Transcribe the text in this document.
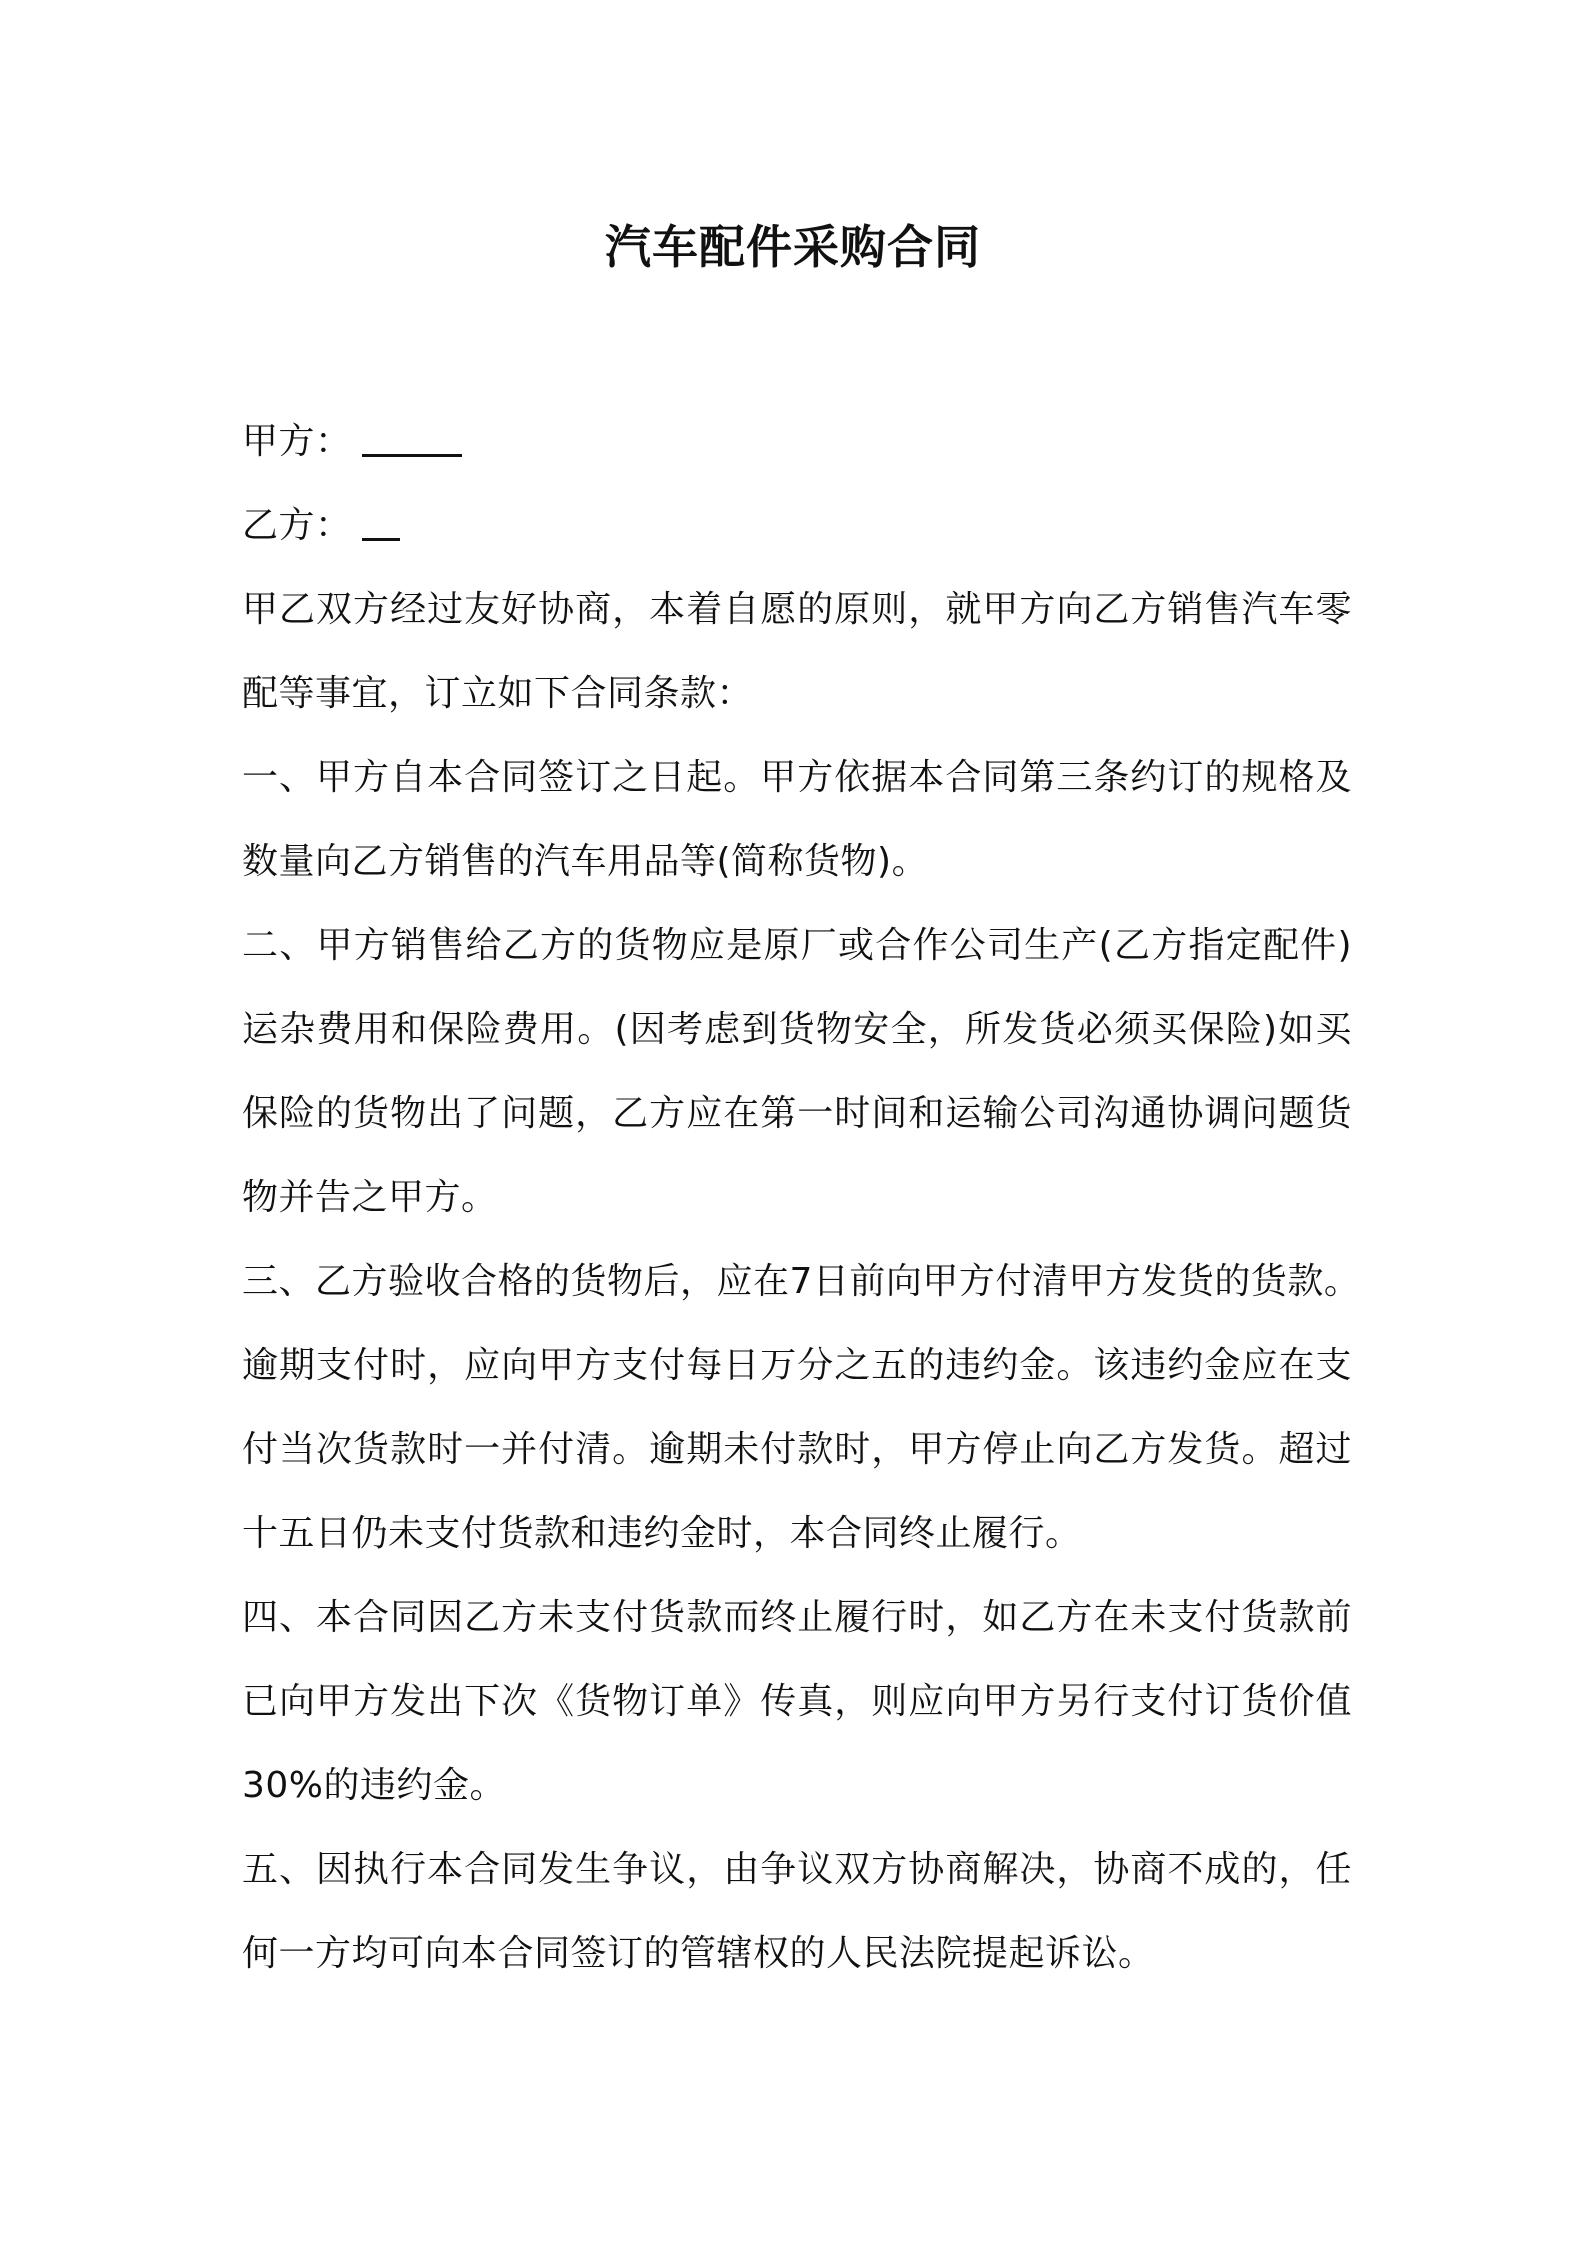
汽车配件采购合同
甲方：
乙方：
甲乙双方经过友好协商，本着自愿的原则，就甲方向乙方销售汽车零
配等事宜，订立如下合同条款：
一、甲方自本合同签订之日起。甲方依据本合同第三条约订的规格及
数量向乙方销售的汽车用品等(简称货物)。
二、甲方销售给乙方的货物应是原厂或合作公司生产(乙方指定配件)
运杂费用和保险费用。(因考虑到货物安全，所发货必须买保险)如买
保险的货物出了问题，乙方应在第一时间和运输公司沟通协调问题货
物并告之甲方。
三、乙方验收合格的货物后，应在7日前向甲方付清甲方发货的货款。
逾期支付时，应向甲方支付每日万分之五的违约金。该违约金应在支
付当次货款时一并付清。逾期未付款时，甲方停止向乙方发货。超过
十五日仍未支付货款和违约金时，本合同终止履行。
四、本合同因乙方未支付货款而终止履行时，如乙方在未支付货款前
已向甲方发出下次《货物订单》传真，则应向甲方另行支付订货价值
30%的违约金。
五、因执行本合同发生争议，由争议双方协商解决，协商不成的，任
何一方均可向本合同签订的管辖权的人民法院提起诉讼。
